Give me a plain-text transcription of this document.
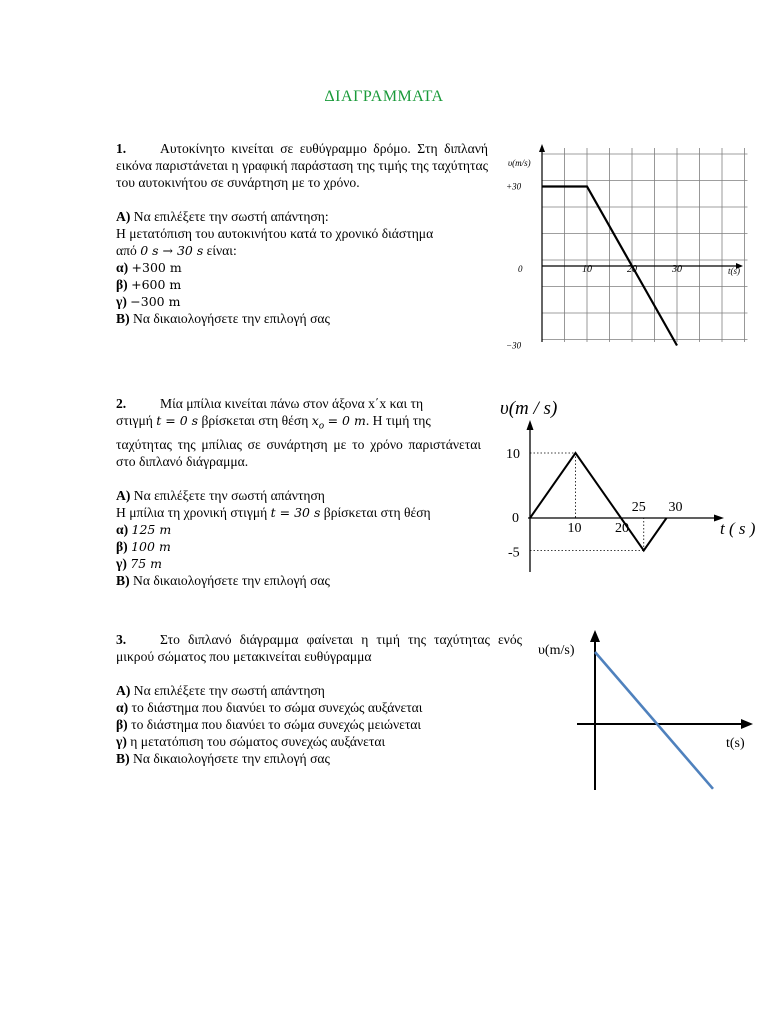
ΔΙΑΓΡΑΜΜΑΤΑ

1. Αυτοκίνητο κινείται σε ευθύγραμμο δρόμο. Στη διπλανή εικόνα παριστάνεται η γραφική παράσταση της τιμής της ταχύτητας του αυτοκινήτου σε συνάρτηση με το χρόνο.

Α) Να επιλέξετε την σωστή απάντηση:

Η μετατόπιση του αυτοκινήτου κατά το χρονικό διάστημα

από 0 s → 30 s είναι:

α) +300 m

β) +600 m

γ) −300 m

Β) Να δικαιολογήσετε την επιλογή σας

υ(m/s)
+30
0
−30
10	20	30	t(s)

2. Μία μπίλια κινείται πάνω στον άξονα x΄x και τη

στιγμή t = 0 s βρίσκεται στη θέση $x_o = 0$ m. Η τιμή της

ταχύτητας της μπίλιας σε συνάρτηση με το χρόνο παριστάνεται στο διπλανό διάγραμμα.

Α) Να επιλέξετε την σωστή απάντηση

Η μπίλια τη χρονική στιγμή t = 30 s βρίσκεται στη θέση

α) 125 m

β) 100 m

γ) 75 m

Β) Να δικαιολογήσετε την επιλογή σας

υ(m / s)
10
0
-5
10 20
25 30
t ( s )

3. Στο διπλανό διάγραμμα φαίνεται η τιμή της ταχύτητας ενός μικρού σώματος που μετακινείται ευθύγραμμα

Α) Να επιλέξετε την σωστή απάντηση

α) το διάστημα που διανύει το σώμα συνεχώς αυξάνεται

β) το διάστημα που διανύει το σώμα συνεχώς μειώνεται

γ) η μετατόπιση του σώματος συνεχώς αυξάνεται

Β) Να δικαιολογήσετε την επιλογή σας

υ(m/s)
t(s)
